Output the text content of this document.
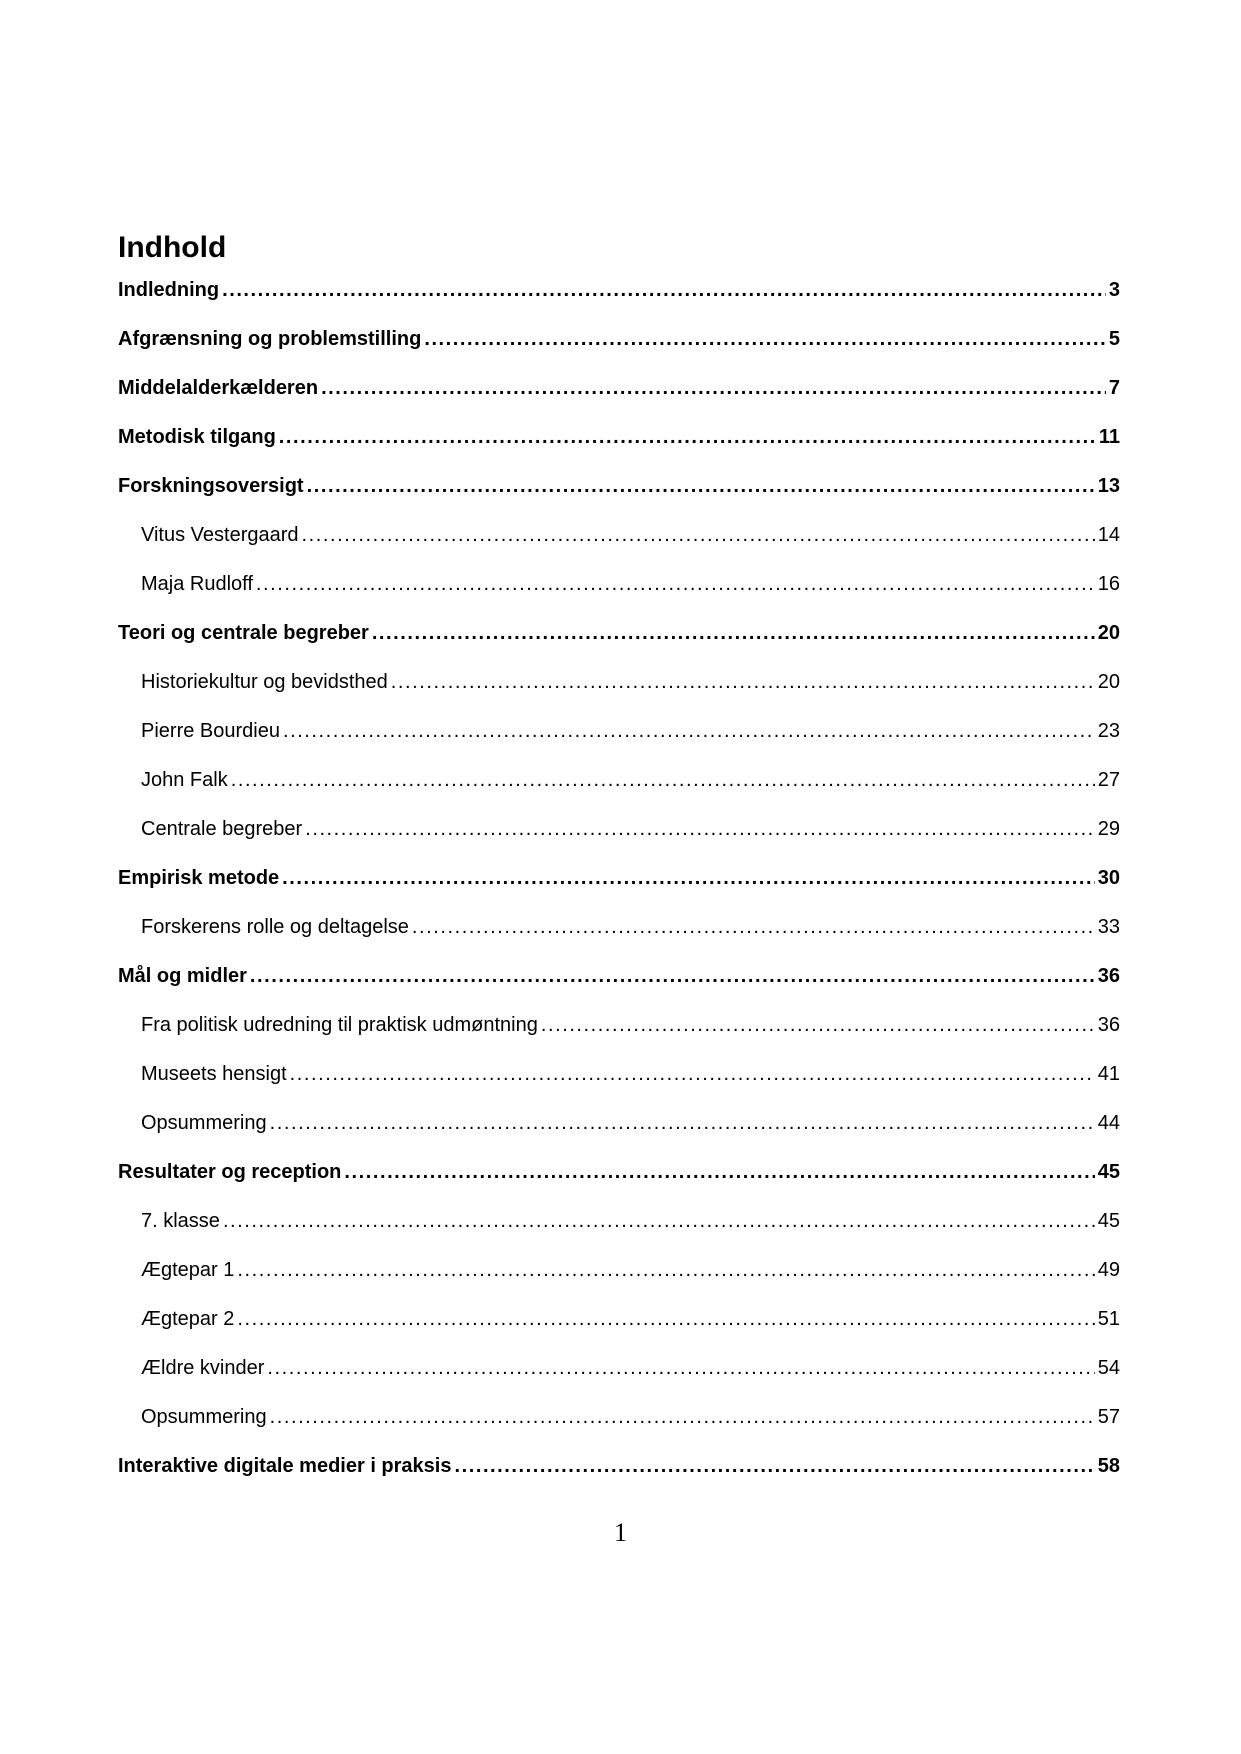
Indhold
Indledning . . .	3
Afgrænsning og problemstilling . . .	5
Middelalderkælderen . . .	7
Metodisk tilgang . . .	11
Forskningsoversigt . . .	13
Vitus Vestergaard . . .	14
Maja Rudloff . . .	16
Teori og centrale begreber . . .	20
Historiekultur og bevidsthed . . .	20
Pierre Bourdieu . . .	23
John Falk . . .	27
Centrale begreber . . .	29
Empirisk metode . . .	30
Forskerens rolle og deltagelse . . .	33
Mål og midler . . .	36
Fra politisk udredning til praktisk udmøntning . . .	36
Museets hensigt . . .	41
Opsummering . . .	44
Resultater og reception . . .	45
7. klasse . . .	45
Ægtepar 1 . . .	49
Ægtepar 2 . . .	51
Ældre kvinder . . .	54
Opsummering . . .	57
Interaktive digitale medier i praksis . . .	58
1
